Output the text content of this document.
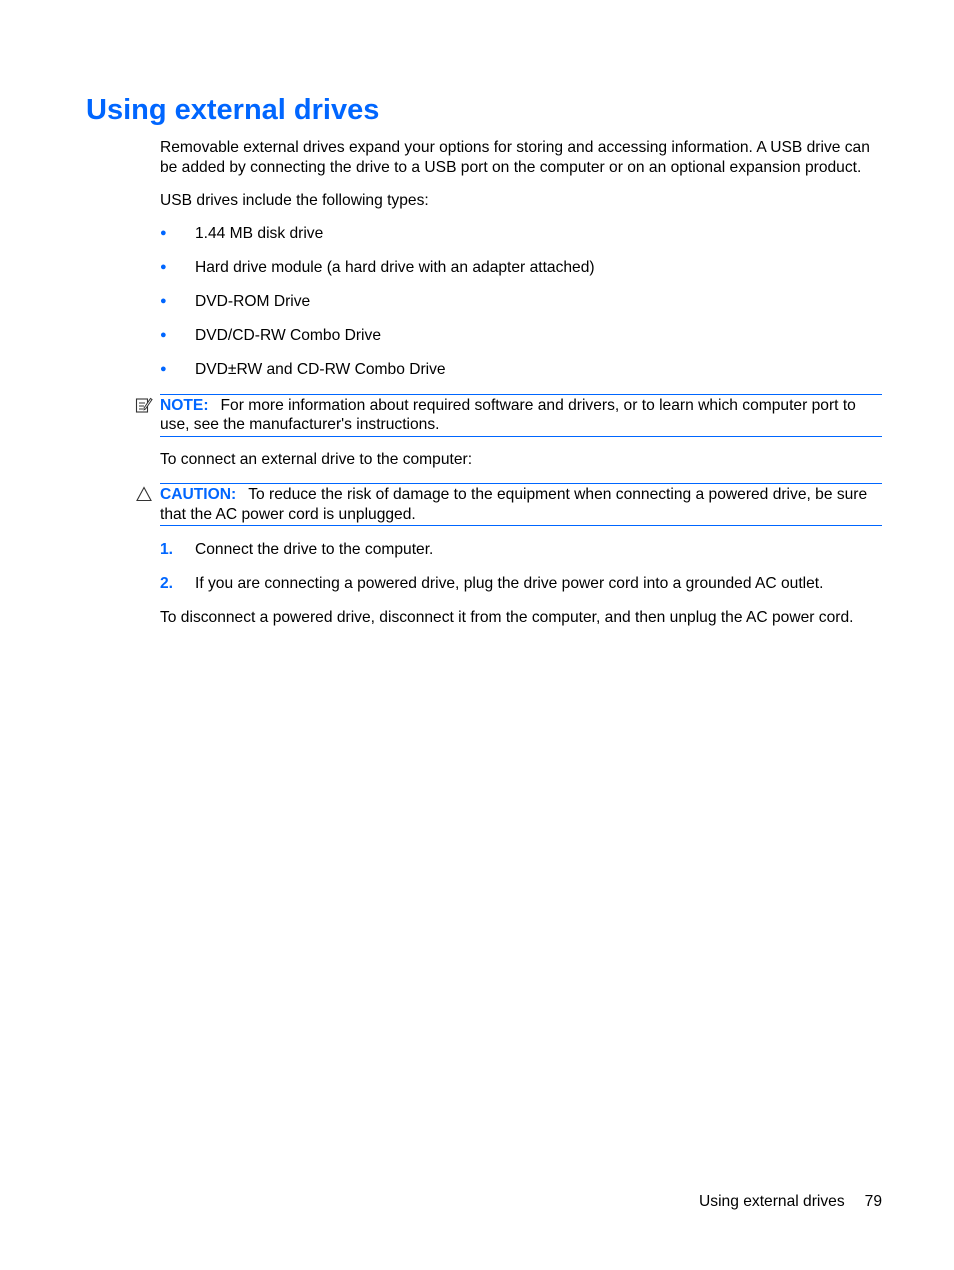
Using external drives

Removable external drives expand your options for storing and accessing information. A USB drive can be added by connecting the drive to a USB port on the computer or on an optional expansion product.

USB drives include the following types:

●	1.44 MB disk drive
●	Hard drive module (a hard drive with an adapter attached)
●	DVD-ROM Drive
●	DVD/CD-RW Combo Drive
●	DVD±RW and CD-RW Combo Drive
NOTE: For more information about required software and drivers, or to learn which computer port to use, see the manufacturer's instructions.

To connect an external drive to the computer:

CAUTION: To reduce the risk of damage to the equipment when connecting a powered drive, be sure that the AC power cord is unplugged.
1. Connect the drive to the computer.
2. If you are connecting a powered drive, plug the drive power cord into a grounded AC outlet.

To disconnect a powered drive, disconnect it from the computer, and then unplug the AC power cord.

Using external drives 79
